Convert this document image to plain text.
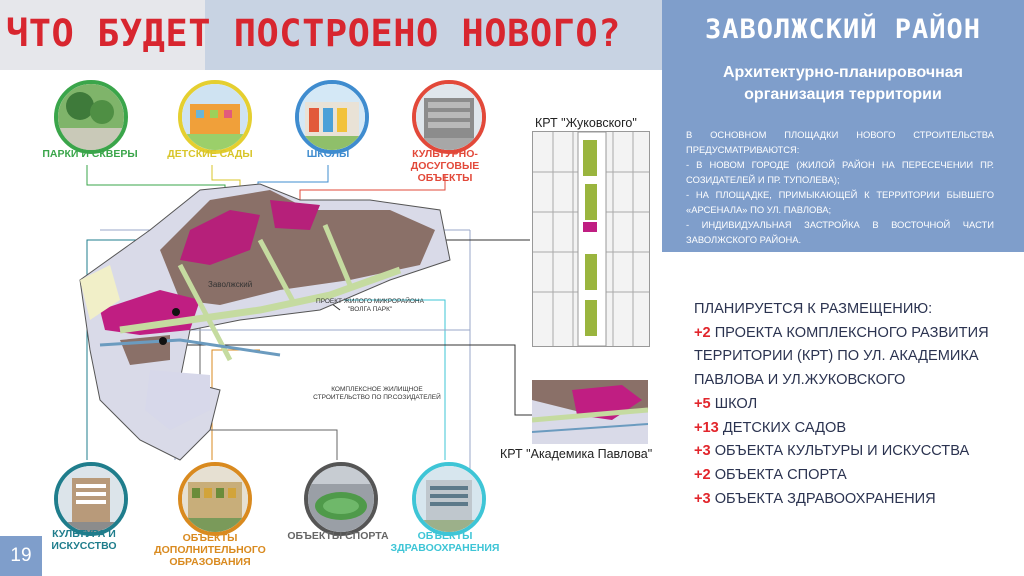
ЧТО БУДЕТ ПОСТРОЕНО НОВОГО?	ЗАВОЛЖСКИЙ РАЙОН
Архитектурно-планировочная
организация территории

В ОСНОВНОМ ПЛОЩАДКИ НОВОГО СТРОИТЕЛЬСТВА ПРЕДУСМАТРИВАЮТСЯ:

- В НОВОМ ГОРОДЕ (ЖИЛОЙ РАЙОН НА ПЕРЕСЕЧЕНИИ ПР. СОЗИДАТЕЛЕЙ И ПР. ТУПОЛЕВА);

- НА ПЛОЩАДКЕ, ПРИМЫКАЮЩЕЙ К ТЕРРИТОРИИ БЫВШЕГО «АРСЕНАЛА» ПО УЛ. ПАВЛОВА;

- ИНДИВИДУАЛЬНАЯ ЗАСТРОЙКА В ВОСТОЧНОЙ ЧАСТИ ЗАВОЛЖСКОГО РАЙОНА.

ПЛАНИРУЕТСЯ К РАЗМЕЩЕНИЮ:
+2 ПРОЕКТА КОМПЛЕКСНОГО РАЗВИТИЯ
ТЕРРИТОРИИ (КРТ) ПО УЛ. АКАДЕМИКА
ПАВЛОВА И УЛ.ЖУКОВСКОГО
+5 ШКОЛ
+13 ДЕТСКИХ САДОВ
+3 ОБЪЕКТА КУЛЬТУРЫ И ИСКУССТВА
+2 ОБЪЕКТА СПОРТА
+3 ОБЪЕКТА ЗДРАВООХРАНЕНИЯ
Заволжский
ПРОЕКТ ЖИЛОГО МИКРОРАЙОНА "ВОЛГА ПАРК"
КОМПЛЕКСНОЕ ЖИЛИЩНОЕ СТРОИТЕЛЬСТВО ПО ПР.СОЗИДАТЕЛЕЙ
КРТ "Жуковского"
КРТ "Академика Павлова"
ПАРКИ И СКВЕРЫ	ДЕТСКИЕ САДЫ	ШКОЛЫ	КУЛЬТУРНО-ДОСУГОВЫЕ ОБЪЕКТЫ
КУЛЬТУРА И ИСКУССТВО
ОБЪЕКТЫ ДОПОЛНИТЕЛЬНОГО ОБРАЗОВАНИЯ
ОБЪЕКТЫ СПОРТА	ОБЪЕКТЫ ЗДРАВООХРАНЕНИЯ
19
